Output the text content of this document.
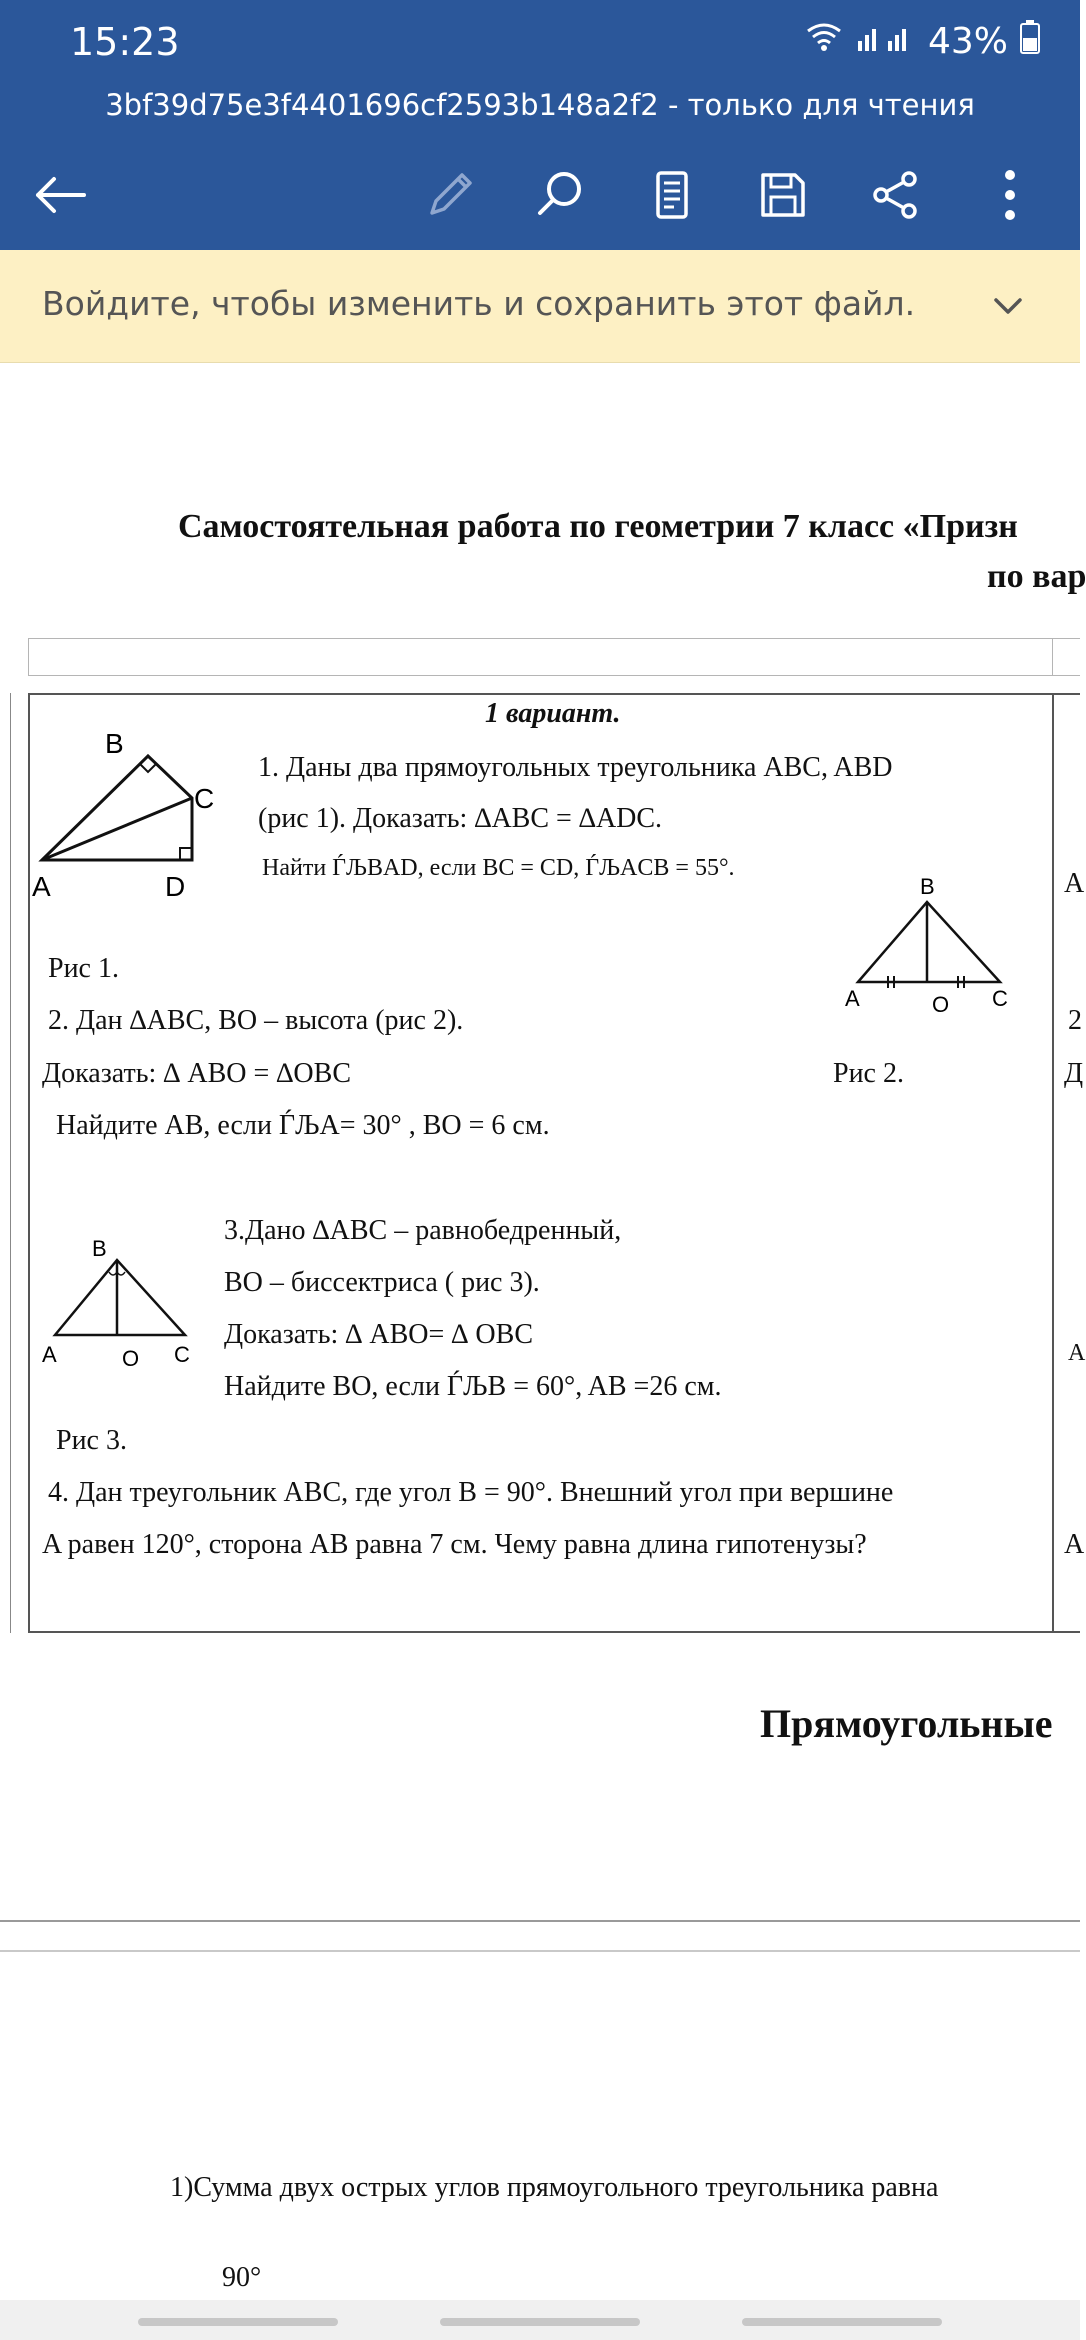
15:23	43%
3bf39d75e3f4401696cf2593b148a2f2 - только для чтения
Войдите, чтобы изменить и сохранить этот файл.
Самостоятельная работа по геометрии 7 класс «Призн
по вар
1 вариант.
B
C
A	D
1. Даны два прямоугольных треугольника ABC, ABD
(рис 1). Доказать: ∆ABC = ∆ADC.
Найти ЃЉBAD, если BC = CD, ЃЉACB = 55°.
Рис 1.
2. Дан ∆ABC, BO – высота (рис 2).
Доказать: ∆ ABO = ∆OBC	Рис 2.
Найдите AB, если ЃЉA= 30° , BO = 6 см.
B
A	O C
B
A	O C
3.Дано ∆ABC – равнобедренный,
BO – биссектриса ( рис 3).
Доказать: ∆ ABO= ∆ OBC
Найдите BO, если ЃЉB = 60°, AB =26 см.
Рис 3.
4. Дан треугольник ABC, где угол B = 90°. Внешний угол при вершине
A равен 120°, сторона AB равна 7 см. Чему равна длина гипотенузы?
A
2
Д
A
A
Прямоугольные
1)Сумма двух острых углов прямоугольного треугольника равна
90°
